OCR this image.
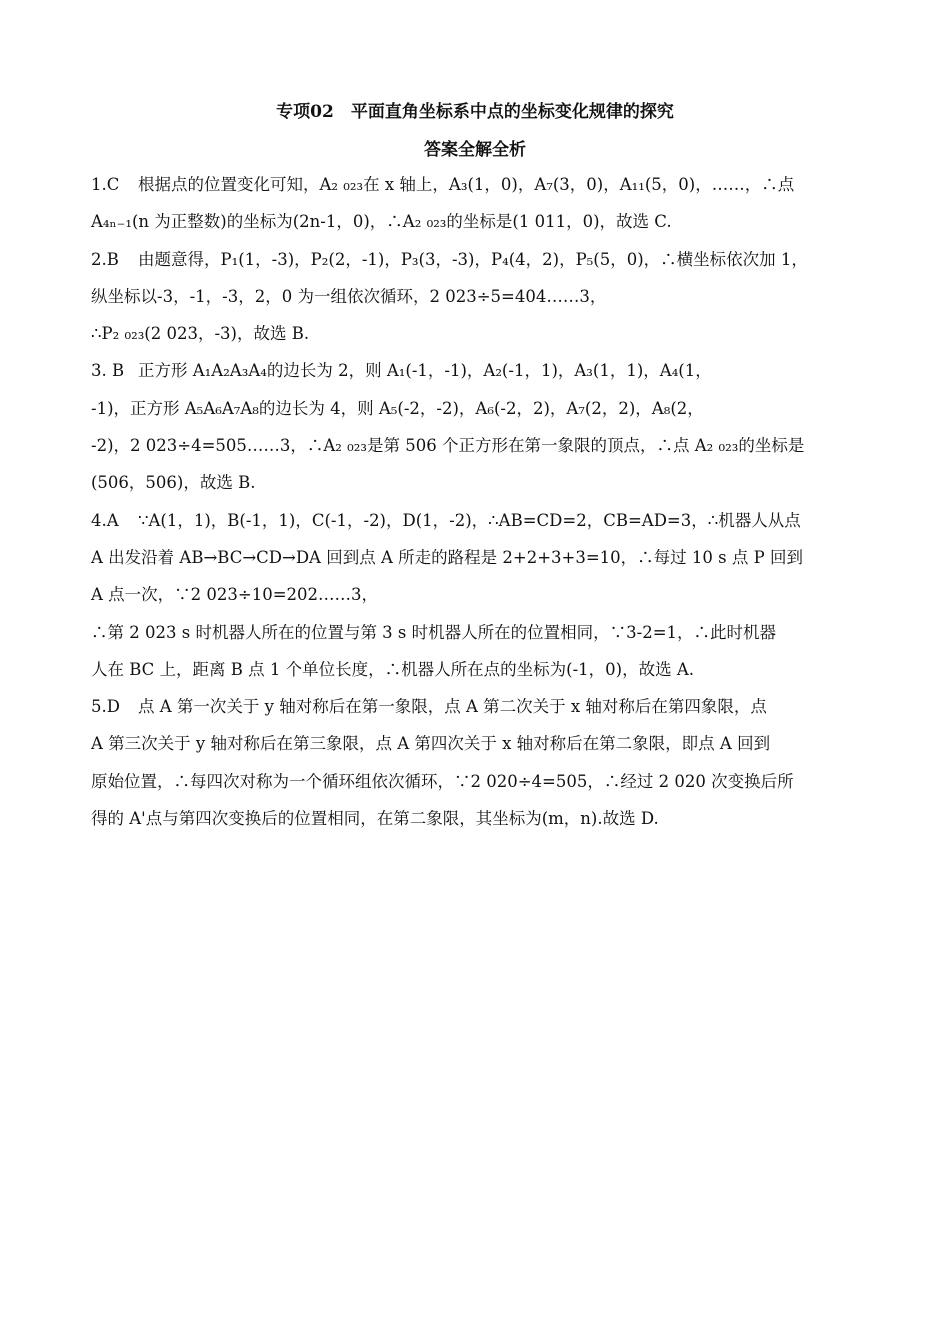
专项02　平面直角坐标系中点的坐标变化规律的探究
答案全解全析
1.C 根据点的位置变化可知，A₂ ₀₂₃在 x 轴上，A₃(1，0)，A₇(3，0)，A₁₁(5，0)，……，∴点
A₄ₙ₋₁(n 为正整数)的坐标为(2n-1，0)，∴A₂ ₀₂₃的坐标是(1 011，0)，故选 C.
2.B 由题意得，P₁(1，-3)，P₂(2，-1)，P₃(3，-3)，P₄(4，2)，P₅(5，0)，∴横坐标依次加 1，
纵坐标以-3，-1，-3，2，0 为一组依次循环，2 023÷5=404……3，
∴P₂ ₀₂₃(2 023，-3)，故选 B.
3. B 正方形 A₁A₂A₃A₄的边长为 2，则 A₁(-1，-1)，A₂(-1，1)，A₃(1，1)，A₄(1，
-1)，正方形 A₅A₆A₇A₈的边长为 4，则 A₅(-2，-2)，A₆(-2，2)，A₇(2，2)，A₈(2，
-2)，2 023÷4=505……3，∴A₂ ₀₂₃是第 506 个正方形在第一象限的顶点，∴点 A₂ ₀₂₃的坐标是
(506，506)，故选 B.
4.A ∵A(1，1)，B(-1，1)，C(-1，-2)，D(1，-2)，∴AB=CD=2，CB=AD=3，∴机器人从点
A 出发沿着 AB→BC→CD→DA 回到点 A 所走的路程是 2+2+3+3=10，∴每过 10 s 点 P 回到
A 点一次，∵2 023÷10=202……3，
∴第 2 023 s 时机器人所在的位置与第 3 s 时机器人所在的位置相同，∵3-2=1，∴此时机器
人在 BC 上，距离 B 点 1 个单位长度，∴机器人所在点的坐标为(-1，0)，故选 A.
5.D 点 A 第一次关于 y 轴对称后在第一象限，点 A 第二次关于 x 轴对称后在第四象限，点
A 第三次关于 y 轴对称后在第三象限，点 A 第四次关于 x 轴对称后在第二象限，即点 A 回到
原始位置，∴每四次对称为一个循环组依次循环，∵2 020÷4=505，∴经过 2 020 次变换后所
得的 A'点与第四次变换后的位置相同，在第二象限，其坐标为(m，n).故选 D.
